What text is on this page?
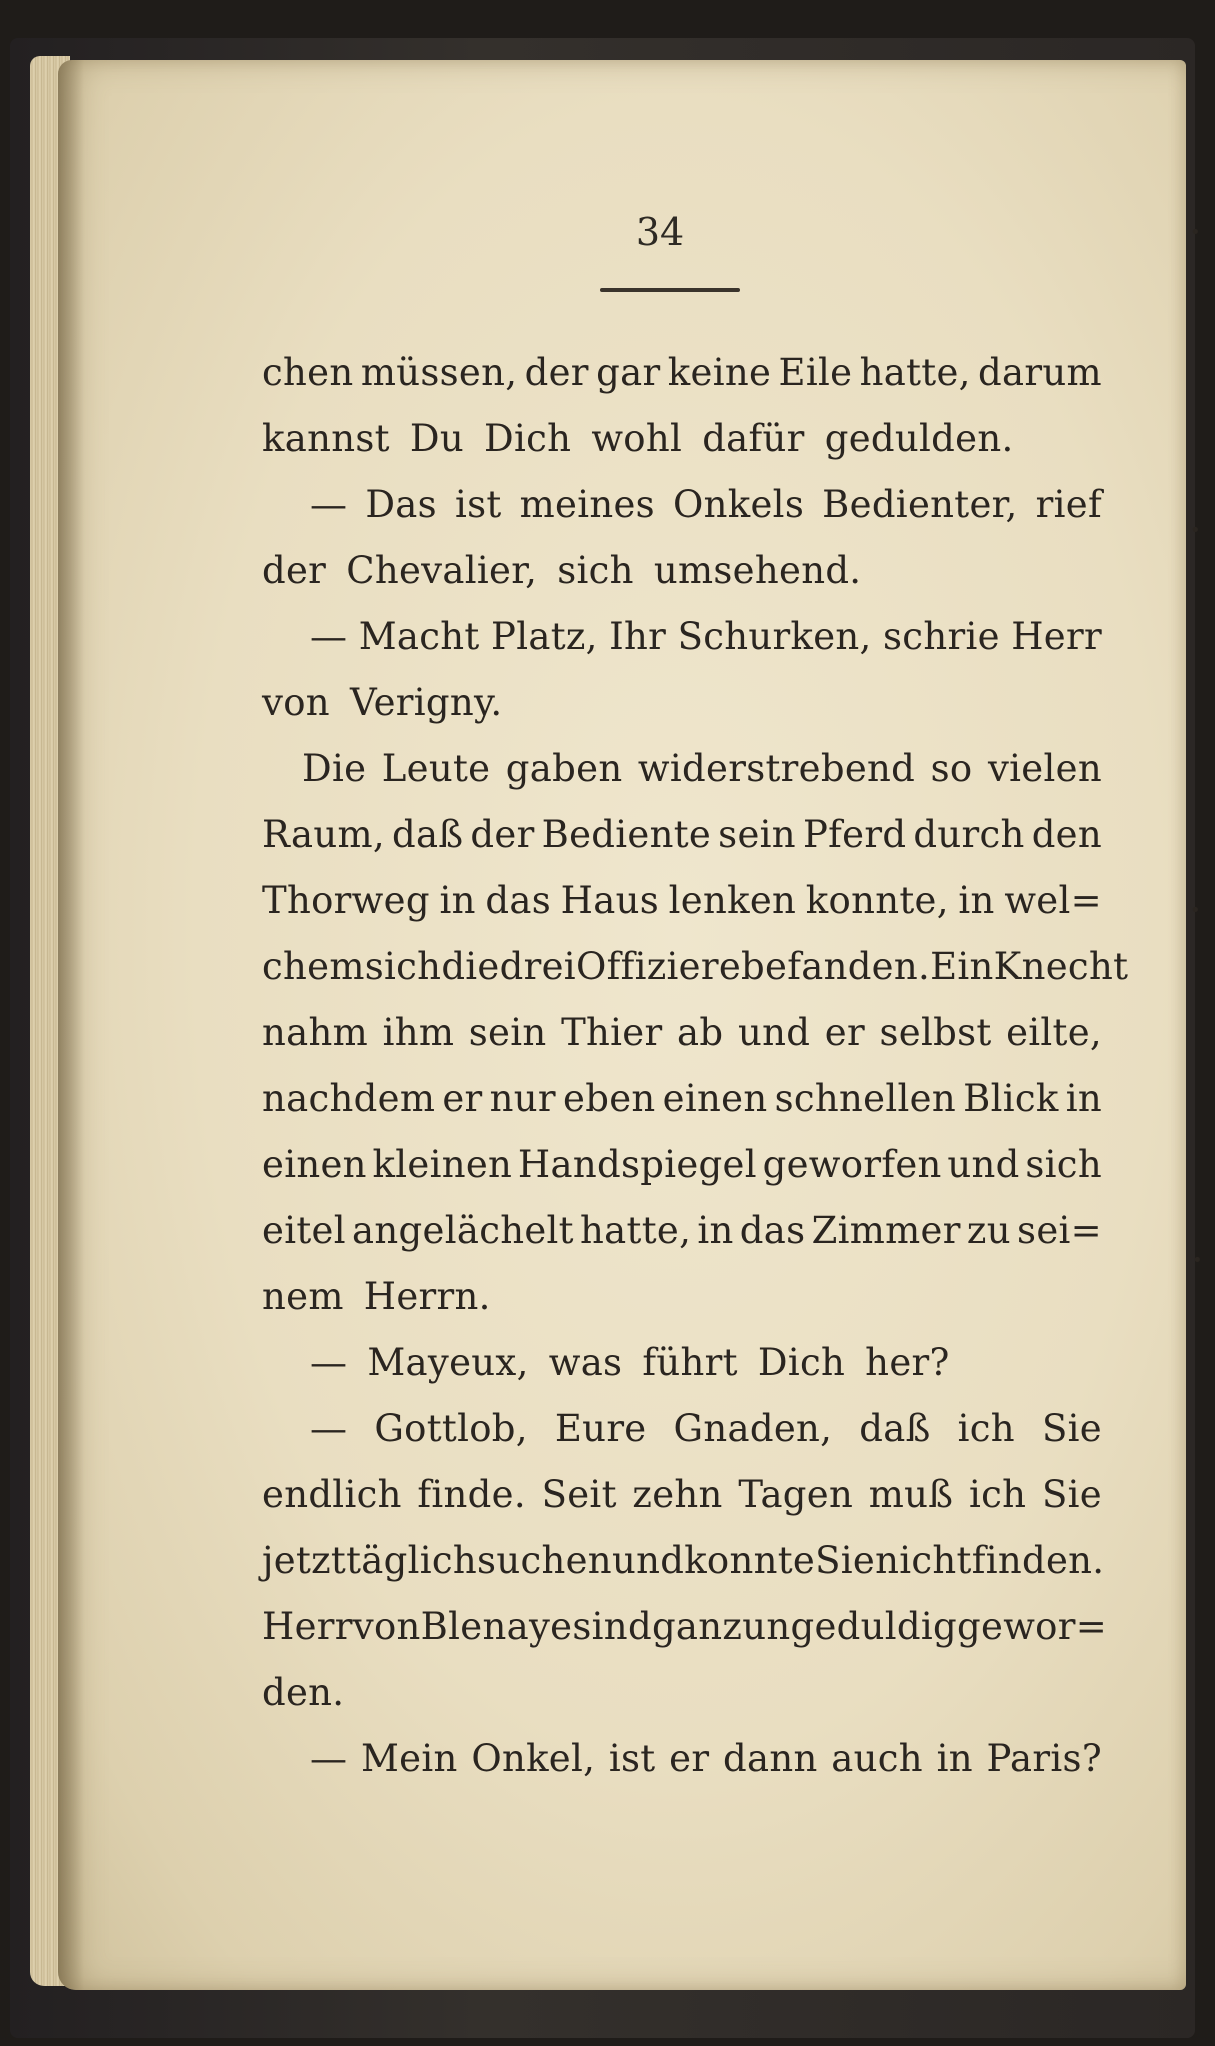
34
chen müssen, der gar keine Eile hatte, darum
kannst Du Dich wohl dafür gedulden.
— Das ist meines Onkels Bedienter, rief
der Chevalier, sich umsehend.
— Macht Platz, Ihr Schurken, schrie Herr
von Verigny.
Die Leute gaben widerstrebend so vielen
Raum, daß der Bediente sein Pferd durch den
Thorweg in das Haus lenken konnte, in wel=
chem sich die drei Offiziere befanden. Ein Knecht
nahm ihm sein Thier ab und er selbst eilte,
nachdem er nur eben einen schnellen Blick in
einen kleinen Handspiegel geworfen und sich
eitel angelächelt hatte, in das Zimmer zu sei=
nem Herrn.
— Mayeux, was führt Dich her?
— Gottlob, Eure Gnaden, daß ich Sie
endlich finde. Seit zehn Tagen muß ich Sie
jetzt täglich suchen und konnte Sie nicht finden.
Herr von Blenaye sind ganz ungeduldig gewor=
den.
— Mein Onkel, ist er dann auch in Paris?
•
•
•
•
